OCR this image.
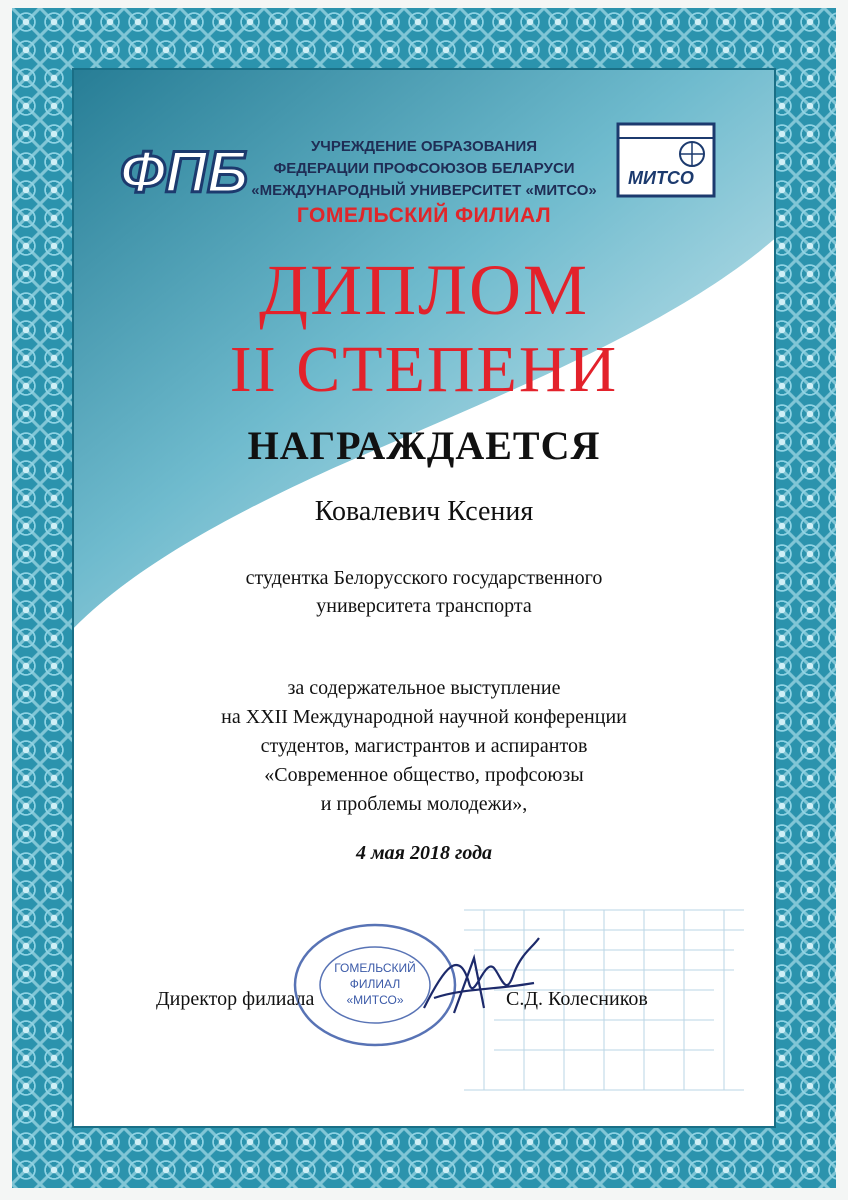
ФПБ	МИТСО
УЧРЕЖДЕНИЕ ОБРАЗОВАНИЯ
ФЕДЕРАЦИИ ПРОФСОЮЗОВ БЕЛАРУСИ
«МЕЖДУНАРОДНЫЙ УНИВЕРСИТЕТ «МИТСО»
ГОМЕЛЬСКИЙ ФИЛИАЛ
ДИПЛОМ
II СТЕПЕНИ
НАГРАЖДАЕТСЯ
Ковалевич Ксения
студентка Белорусского государственного
университета транспорта
за содержательное выступление
на XXII Международной научной конференции
студентов, магистрантов и аспирантов
«Современное общество, профсоюзы
и проблемы молодежи»,
4 мая 2018 года
ГОМЕЛЬСКИЙ
ФИЛИАЛ
«МИТСО»
Директор филиала	С.Д. Колесников
